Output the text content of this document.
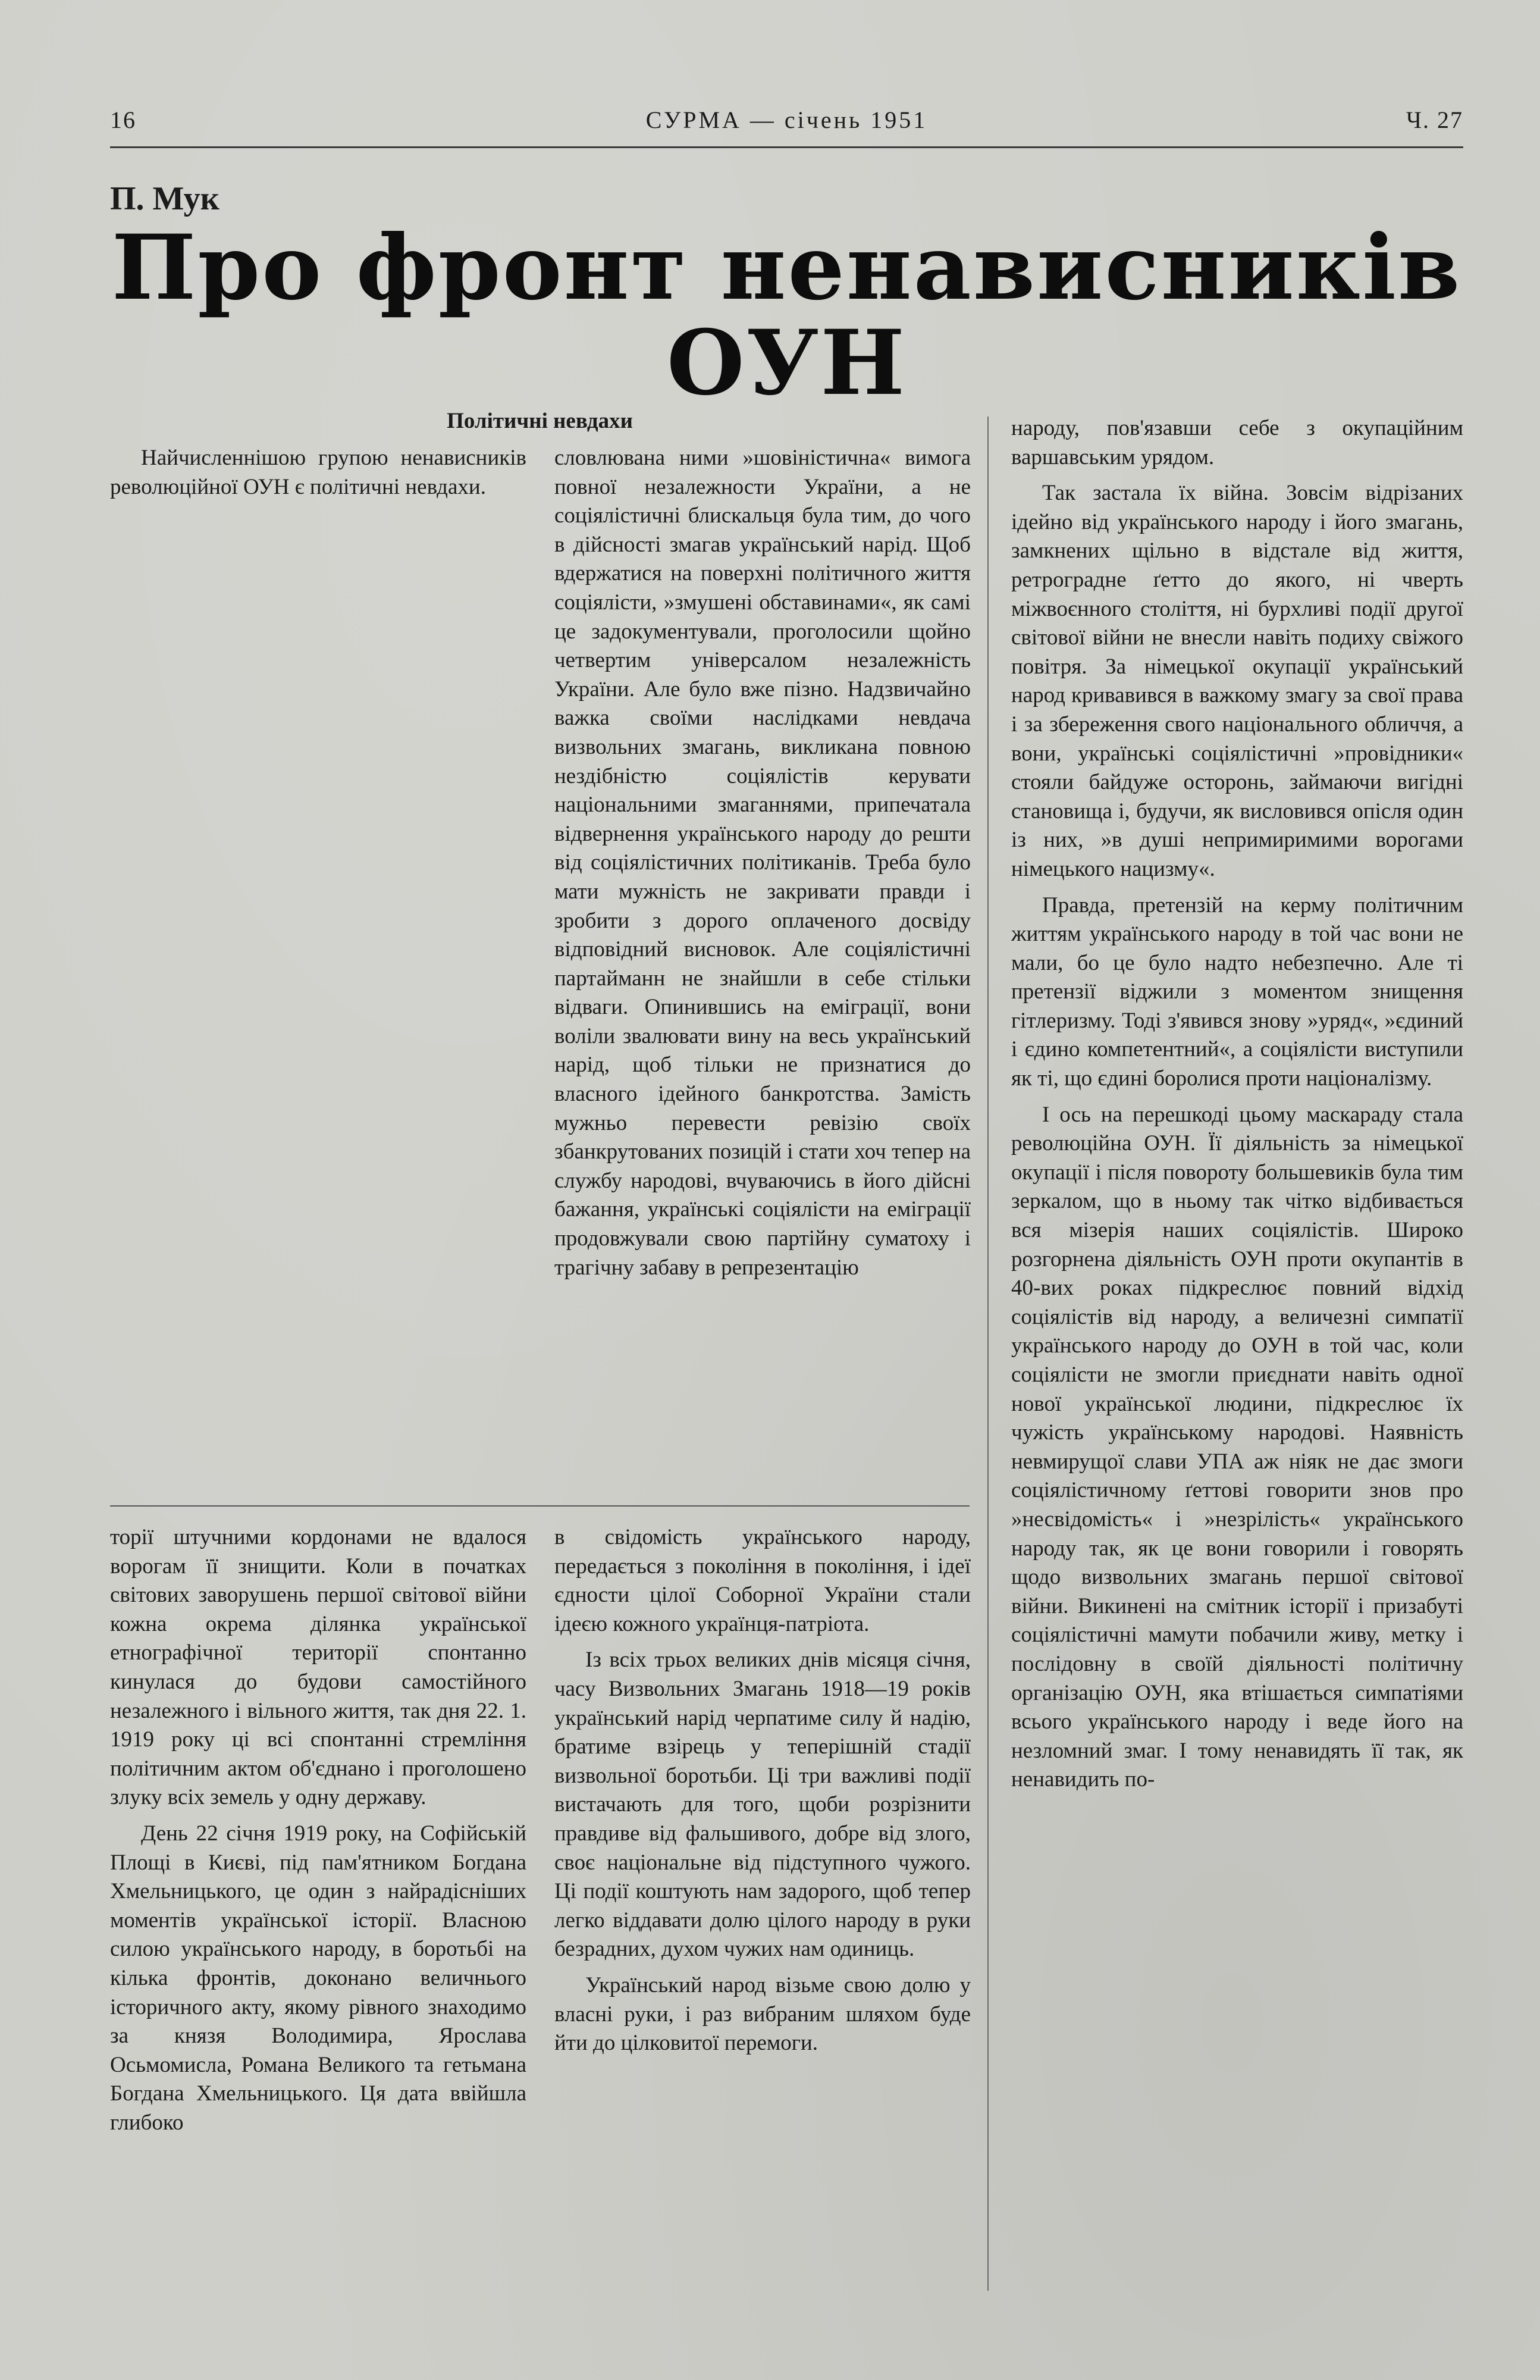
16	СУРМА — січень 1951	Ч. 27
П. Мук
Про фронт ненависників
ОУН
Політичні невдахи

Найчисленнішою групою ненависників революційної ОУН є політичні невдахи.

словлювана ними »шовіністична« вимога повної незалежности України, а не соціялістичні блискальця була тим, до чого в дійсності змагав український нарід. Щоб вдержатися на поверхні політичного життя соціялісти, »змушені обставинами«, як самі це задокументували, проголосили щойно четвертим універсалом незалежність України. Але було вже пізно. Надзвичайно важка своїми наслідками невдача визвольних змагань, викликана повною нездібністю соціялістів керувати національними змаганнями, припечатала відвернення українського народу до решти від соціялістичних політиканів. Треба було мати мужність не закривати правди і зробити з дорого оплаченого досвіду відповідний висновок. Але соціялістичні партайманн не знайшли в себе стільки відваги. Опинившись на еміграції, вони воліли звалювати вину на весь український нарід, щоб тільки не признатися до власного ідейного банкротства. Замість мужньо перевести ревізію своїх збанкрутованих позицій і стати хоч тепер на службу народові, вчуваючись в його дійсні бажання, українські соціялісти на еміграції продовжували свою партійну суматоху і трагічну забаву в репрезентацію

торії штучними кордонами не вдалося ворогам її знищити. Коли в початках світових заворушень першої світової війни кожна окрема ділянка української етнографічної території спонтанно кинулася до будови самостійного незалежного і вільного життя, так дня 22. 1. 1919 року ці всі спонтанні стремління політичним актом об'єднано і проголошено злуку всіх земель у одну державу.

День 22 січня 1919 року, на Софійській Площі в Києві, під пам'ятником Богдана Хмельницького, це один з найрадісніших моментів української історії. Власною силою українського народу, в боротьбі на кілька фронтів, доконано величнього історичного акту, якому рівного знаходимо за князя Володимира, Ярослава Осьмомисла, Романа Великого та гетьмана Богдана Хмельницького. Ця дата ввійшла глибоко

в свідомість українського народу, передається з покоління в покоління, і ідеї єдности цілої Соборної України стали ідеєю кожного українця-патріота.

Із всіх трьох великих днів місяця січня, часу Визвольних Змагань 1918—19 років український нарід черпатиме силу й надію, братиме взірець у теперішній стадії визвольної боротьби. Ці три важливі події вистачають для того, щоби розрізнити правдиве від фальшивого, добре від злого, своє національне від підступного чужого. Ці події коштують нам задорого, щоб тепер легко віддавати долю цілого народу в руки безрадних, духом чужих нам одиниць.

Український народ візьме свою долю у власні руки, і раз вибраним шляхом буде йти до цілковитої перемоги.

народу, пов'язавши себе з окупаційним варшавським урядом.

Так застала їх війна. Зовсім відрізаних ідейно від українського народу і його змагань, замкнених щільно в відстале від життя, ретроградне ґетто до якого, ні чверть міжвоєнного століття, ні бурхливі події другої світової війни не внесли навіть подиху свіжого повітря. За німецької окупації український народ кривавився в важкому змагу за свої права і за збереження свого національного обличчя, а вони, українські соціялістичні »провідники« стояли байдуже осторонь, займаючи вигідні становища і, будучи, як висловився опісля один із них, »в душі непримиримими ворогами німецького нацизму«.

Правда, претензій на керму політичним життям українського народу в той час вони не мали, бо це було надто небезпечно. Але ті претензії віджили з моментом знищення гітлеризму. Тоді з'явився знову »уряд«, »єдиний і єдино компетентний«, а соціялісти виступили як ті, що єдині боролися проти націоналізму.

І ось на перешкоді цьому маскараду стала революційна ОУН. Її діяльність за німецької окупації і після повороту большевиків була тим зеркалом, що в ньому так чітко відбивається вся мізерія наших соціялістів. Широко розгорнена діяльність ОУН проти окупантів в 40-вих роках підкреслює повний відхід соціялістів від народу, а величезні симпатії українського народу до ОУН в той час, коли соціялісти не змогли приєднати навіть одної нової української людини, підкреслює їх чужість українському народові. Наявність невмирущої слави УПА аж ніяк не дає змоги соціялістичному ґеттові говорити знов про »несвідомість« і »незрілість« українського народу так, як це вони говорили і говорять щодо визвольних змагань першої світової війни. Викинені на смітник історії і призабуті соціялістичні мамути побачили живу, метку і послідовну в своїй діяльності політичну організацію ОУН, яка втішається симпатіями всього українського народу і веде його на незломний змаг. І тому ненавидять її так, як ненавидить по-
